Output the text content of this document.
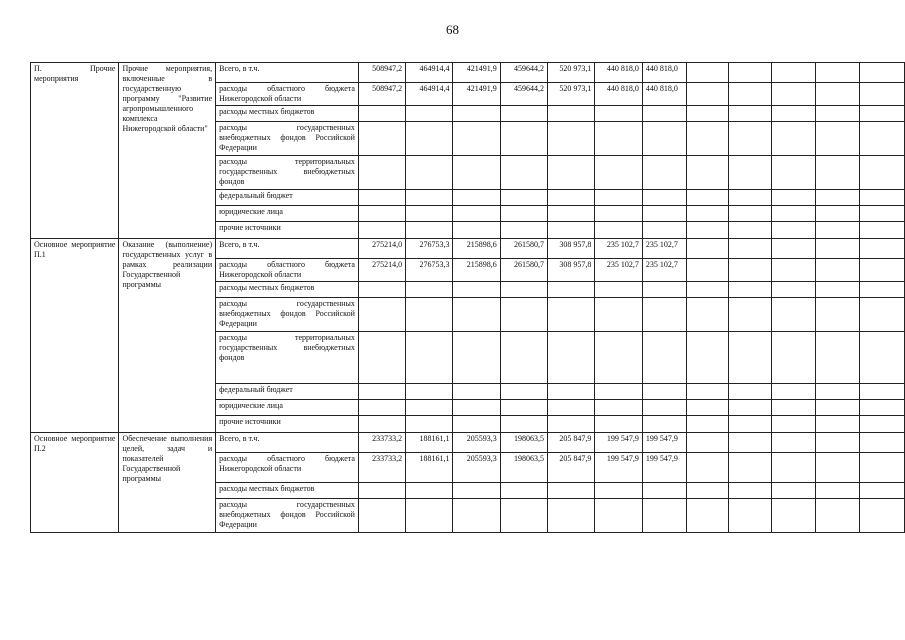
68
П. Прочие мероприятия	Прочие мероприятия, включенные в государственную программу "Развитие агропромышленного комплекса Нижегородской области"	Всего, в т.ч.	508947,2	464914,4	421491,9	459644,2	520 973,1	440 818,0	440 818,0					
		расходы областного бюджета Нижегородской области	508947,2	464914,4	421491,9	459644,2	520 973,1	440 818,0	440 818,0					
		расходы местных бюджетов												
		расходы государственных внебюджетных фондов Российской Федерации												
		расходы территориальных государственных внебюджетных фондов												
		федеральный бюджет												
		юридические лица												
		прочие источники												
Основное мероприятие П.1	Оказание (выполнение) государственных услуг в рамках реализации Государственной программы	Всего, в т.ч.	275214,0	276753,3	215898,6	261580,7	308 957,8	235 102,7	235 102,7					
		расходы областного бюджета Нижегородской области	275214,0	276753,3	215898,6	261580,7	308 957,8	235 102,7	235 102,7					
		расходы местных бюджетов												
		расходы государственных внебюджетных фондов Российской Федерации												
		расходы территориальных государственных внебюджетных фондов												
		федеральный бюджет												
		юридические лица												
		прочие источники												
Основное мероприятие П.2	Обеспечение выполнения целей, задач и показателей Государственной программы	Всего, в т.ч.	233733,2	188161,1	205593,3	198063,5	205 847,9	199 547,9	199 547,9					
		расходы областного бюджета Нижегородской области	233733,2	188161,1	205593,3	198063,5	205 847,9	199 547,9	199 547,9					
		расходы местных бюджетов												
		расходы государственных внебюджетных фондов Российской Федерации												
